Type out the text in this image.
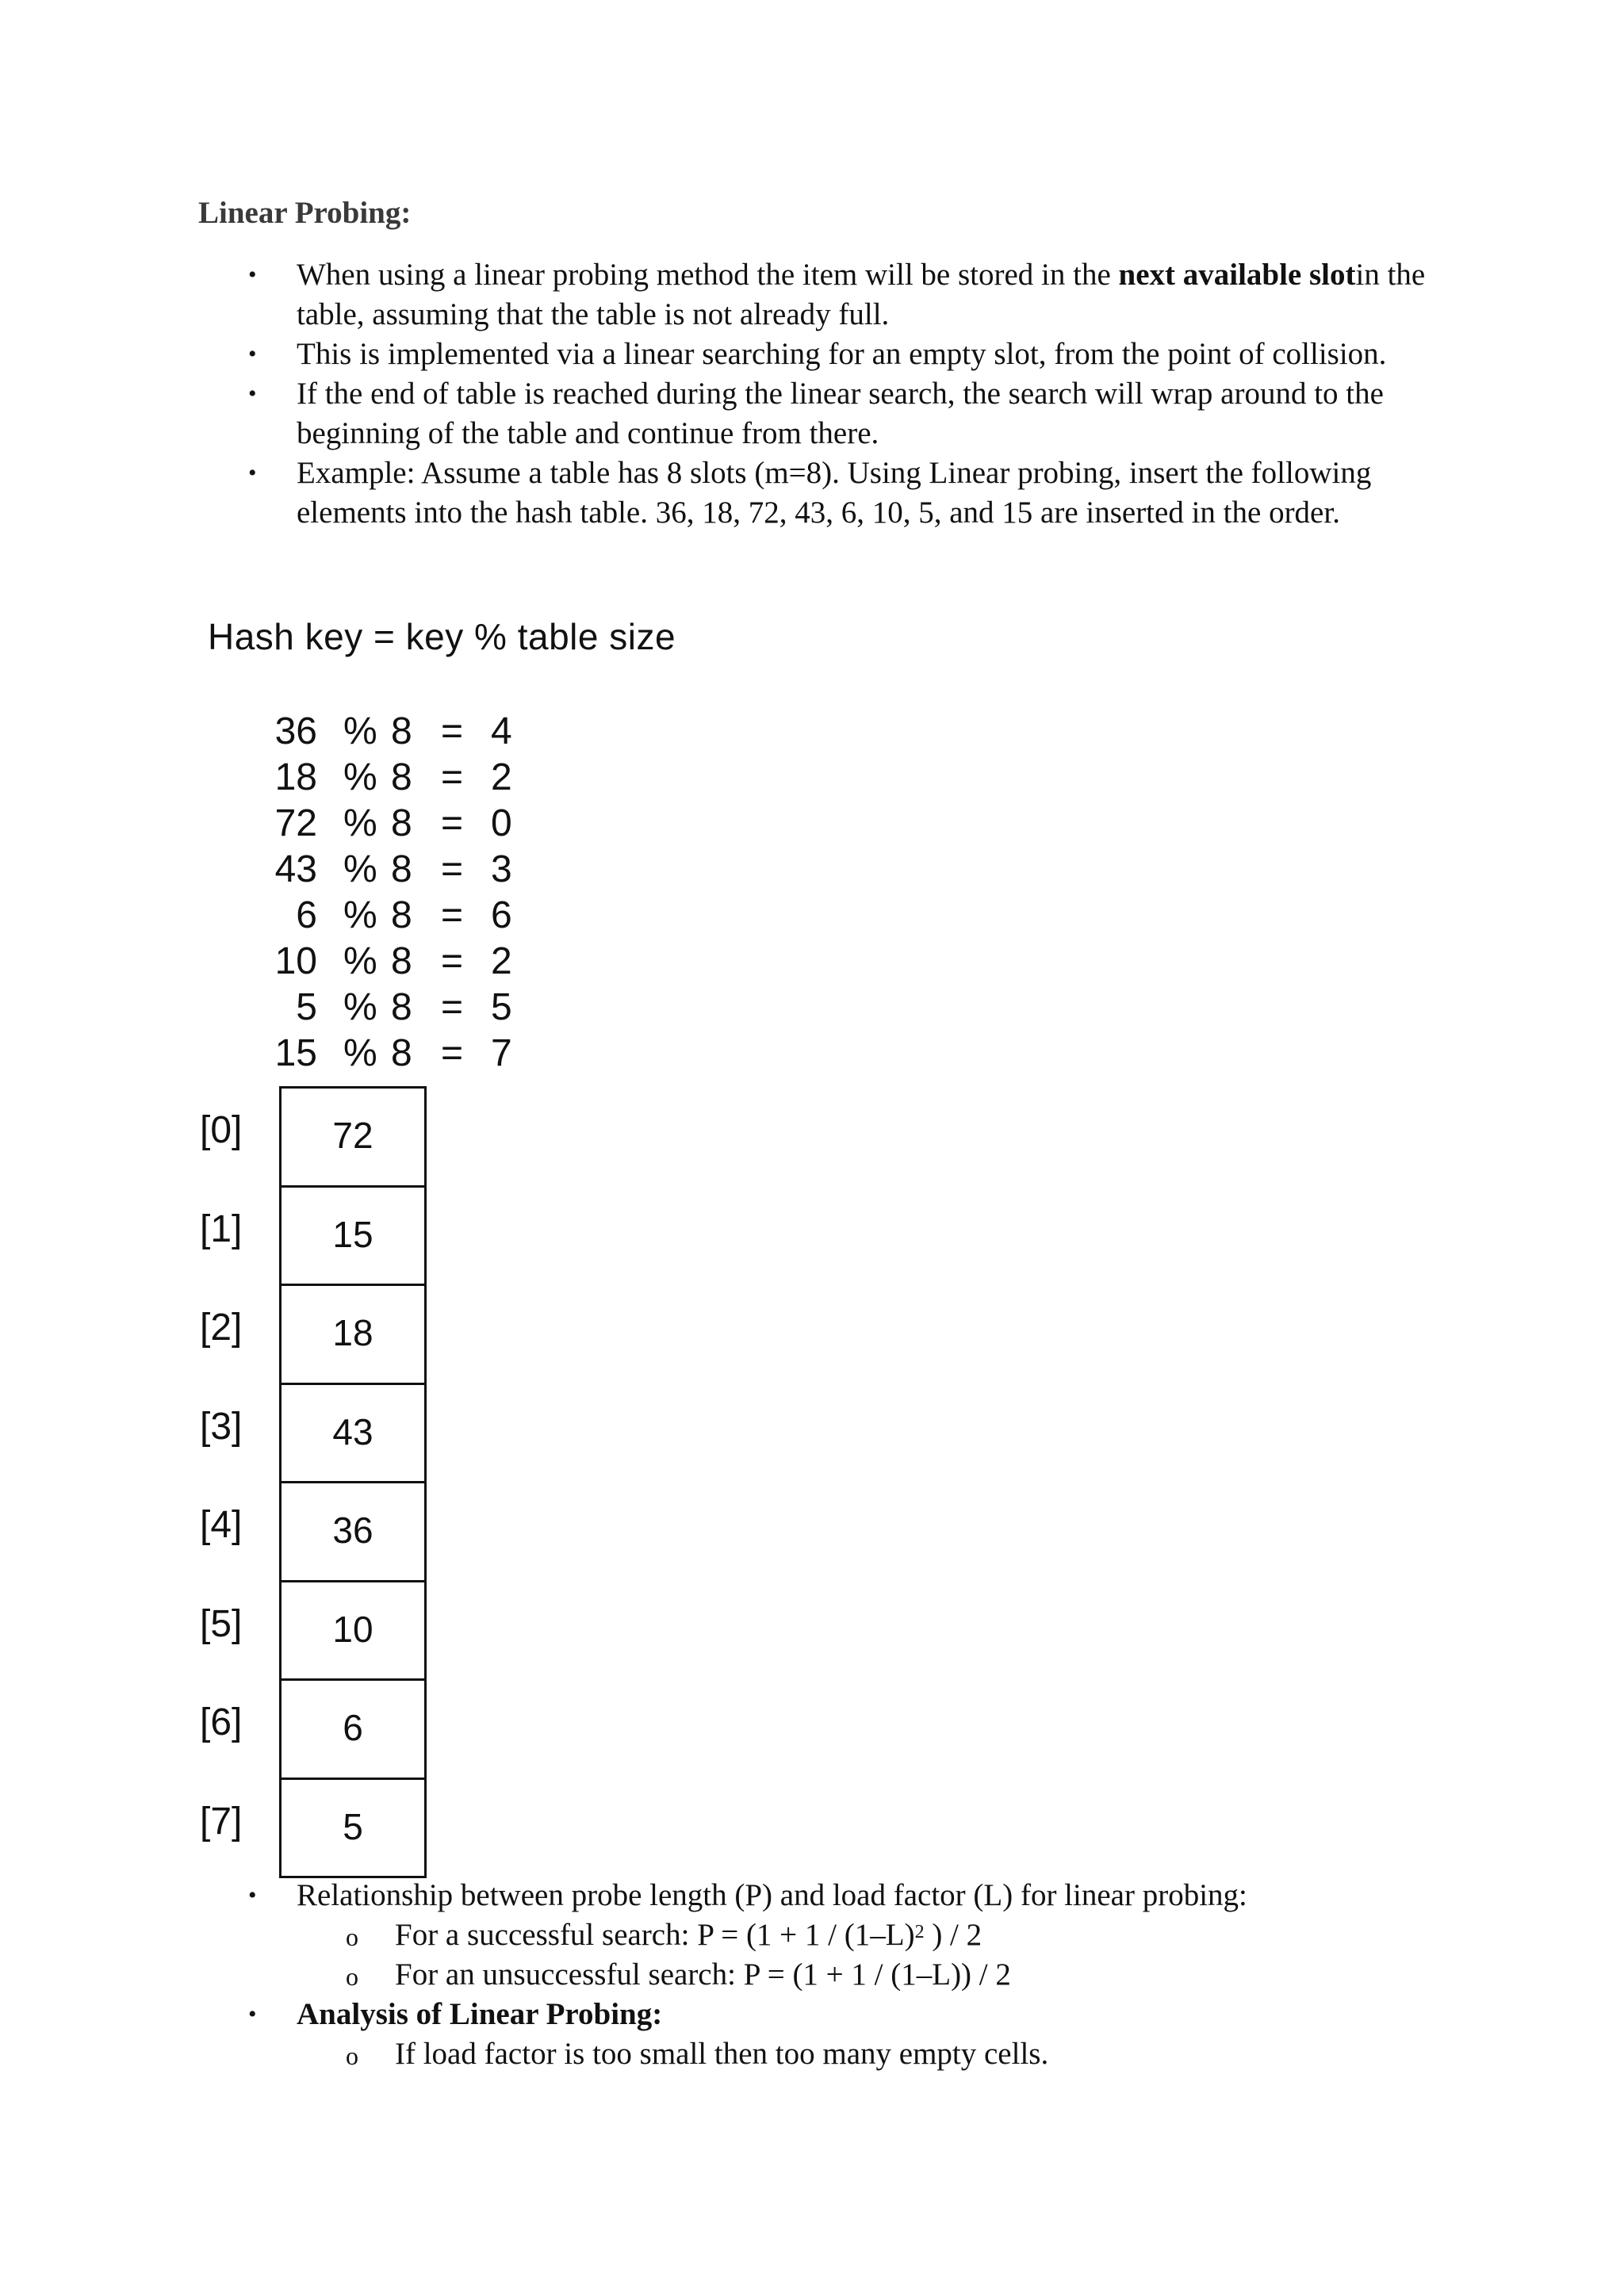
Linear Probing:
• When using a linear probing method the item will be stored in the next available slotin the table, assuming that the table is not already full.
• This is implemented via a linear searching for an empty slot, from the point of collision.
• If the end of table is reached during the linear search, the search will wrap around to the beginning of the table and continue from there.
• Example: Assume a table has 8 slots (m=8). Using Linear probing, insert the following elements into the hash table. 36, 18, 72, 43, 6, 10, 5, and 15 are inserted in the order.
Hash key = key % table size
36 % 8 = 4
18 % 8 = 2
72 % 8 = 0
43 % 8 = 3
6 % 8 = 6
10 % 8 = 2
5 % 8 = 5
15 % 8 = 7
[0]	72
[1]	15
[2]	18
[3]	43
[4]	36
[5]	10
[6]	6
[7]	5
• Relationship between probe length (P) and load factor (L) for linear probing:
o For a successful search: $P = (1 + 1 / (1-L)^2$ ) / 2
o For an unsuccessful search: P = (1 + 1 / (1–L)) / 2
• Analysis of Linear Probing:
o If load factor is too small then too many empty cells.
